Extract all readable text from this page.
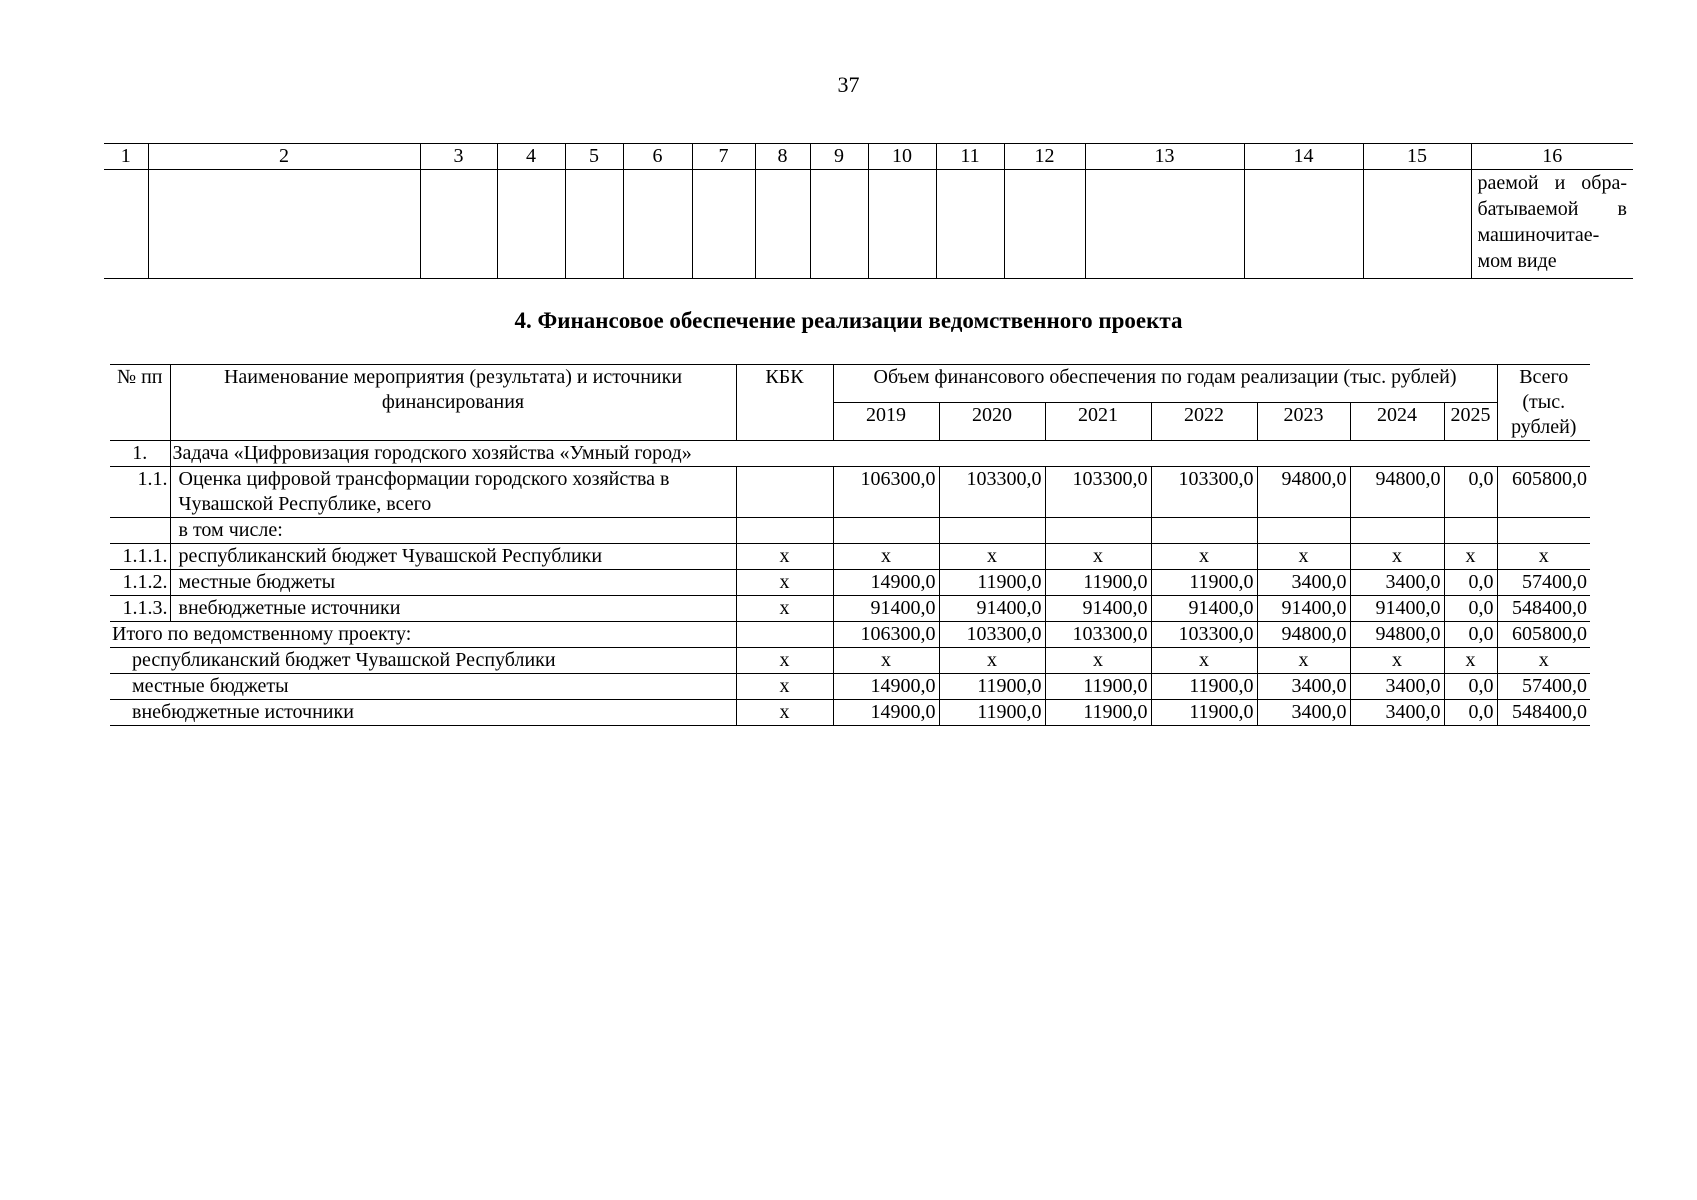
37
1	2	3	4	5	6	7	8	9	10	11	12	13	14	15	16

															раемой и обра-
батываемой в
машиночитае-
мом виде
4. Финансовое обеспечение реализации ведомственного проекта
№ пп	Наименование мероприятия (результата) и источники финансирования	КБК	Объем финансового обеспечения по годам реализации (тыс. рублей)							Всего (тыс. рублей)
			2019	2020	2021	2022	2023	2024	2025	
1.	Задача «Цифровизация городского хозяйства «Умный город»									
1.1.	Оценка цифровой трансформации городского хозяйства в Чувашской Республике, всего		106300,0	103300,0	103300,0	103300,0	94800,0	94800,0	0,0	605800,0
	в том числе:									
1.1.1.	республиканский бюджет Чувашской Республики	x	x	x	x	x	x	x	x	x
1.1.2.	местные бюджеты	x	14900,0	11900,0	11900,0	11900,0	3400,0	3400,0	0,0	57400,0
1.1.3.	внебюджетные источники	x	91400,0	91400,0	91400,0	91400,0	91400,0	91400,0	0,0	548400,0
Итого по ведомственному проекту:			106300,0	103300,0	103300,0	103300,0	94800,0	94800,0	0,0	605800,0
республиканский бюджет Чувашской Республики		x	x	x	x	x	x	x	x	x
местные бюджеты		x	14900,0	11900,0	11900,0	11900,0	3400,0	3400,0	0,0	57400,0
внебюджетные источники		x	14900,0	11900,0	11900,0	11900,0	3400,0	3400,0	0,0	548400,0
